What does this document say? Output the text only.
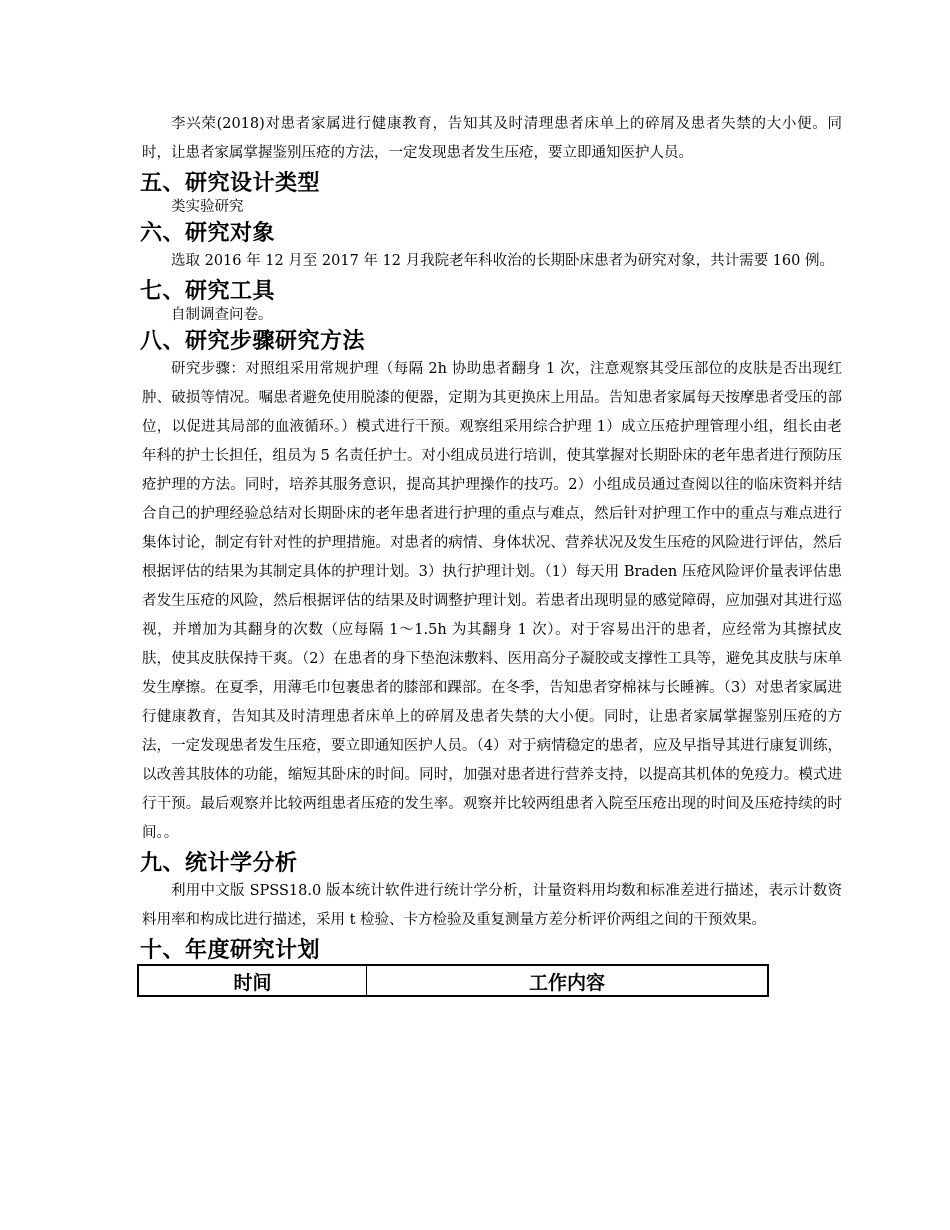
李兴荣(2018)对患者家属进行健康教育，告知其及时清理患者床单上的碎屑及患者失禁的大小便。同时，让患者家属掌握鉴别压疮的方法，一定发现患者发生压疮，要立即通知医护人员。

五、研究设计类型

类实验研究

六、研究对象

选取 2016 年 12 月至 2017 年 12 月我院老年科收治的长期卧床患者为研究对象，共计需要 160 例。

七、研究工具

自制调查问卷。

八、研究步骤研究方法

研究步骤：对照组采用常规护理（每隔 2h 协助患者翻身 1 次，注意观察其受压部位的皮肤是否出现红肿、破损等情况。嘱患者避免使用脱漆的便器，定期为其更换床上用品。告知患者家属每天按摩患者受压的部位，以促进其局部的血液循环。）模式进行干预。观察组采用综合护理 1）成立压疮护理管理小组，组长由老年科的护士长担任，组员为 5 名责任护士。对小组成员进行培训，使其掌握对长期卧床的老年患者进行预防压疮护理的方法。同时，培养其服务意识，提高其护理操作的技巧。2）小组成员通过查阅以往的临床资料并结合自己的护理经验总结对长期卧床的老年患者进行护理的重点与难点，然后针对护理工作中的重点与难点进行集体讨论，制定有针对性的护理措施。对患者的病情、身体状况、营养状况及发生压疮的风险进行评估，然后根据评估的结果为其制定具体的护理计划。3）执行护理计划。（1）每天用 Braden 压疮风险评价量表评估患者发生压疮的风险，然后根据评估的结果及时调整护理计划。若患者出现明显的感觉障碍，应加强对其进行巡视，并增加为其翻身的次数（应每隔 1～1.5h 为其翻身 1 次）。对于容易出汗的患者，应经常为其擦拭皮肤，使其皮肤保持干爽。（2）在患者的身下垫泡沫敷料、医用高分子凝胶或支撑性工具等，避免其皮肤与床单发生摩擦。在夏季，用薄毛巾包裹患者的膝部和踝部。在冬季，告知患者穿棉袜与长睡裤。（3）对患者家属进行健康教育，告知其及时清理患者床单上的碎屑及患者失禁的大小便。同时，让患者家属掌握鉴别压疮的方法，一定发现患者发生压疮，要立即通知医护人员。（4）对于病情稳定的患者，应及早指导其进行康复训练，以改善其肢体的功能，缩短其卧床的时间。同时，加强对患者进行营养支持，以提高其机体的免疫力。模式进行干预。最后观察并比较两组患者压疮的发生率。观察并比较两组患者入院至压疮出现的时间及压疮持续的时间。。

九、统计学分析

利用中文版 SPSS18.0 版本统计软件进行统计学分析，计量资料用均数和标准差进行描述，表示计数资料用率和构成比进行描述，采用 t 检验、卡方检验及重复测量方差分析评价两组之间的干预效果。

十、年度研究计划
时间	工作内容
